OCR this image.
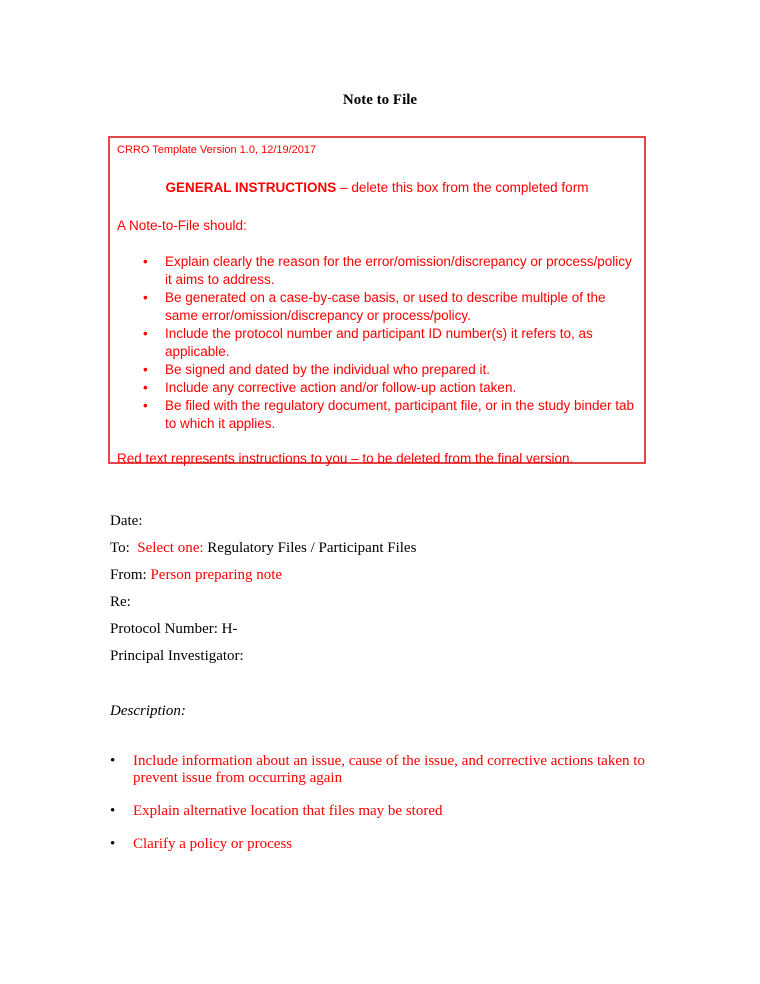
Note to File

CRRO Template Version 1.0, 12/19/2017

GENERAL INSTRUCTIONS – delete this box from the completed form
A Note-to-File should:
• Explain clearly the reason for the error/omission/discrepancy or process/policy it aims to address.
• Be generated on a case-by-case basis, or used to describe multiple of the same error/omission/discrepancy or process/policy.
• Include the protocol number and participant ID number(s) it refers to, as applicable.
• Be signed and dated by the individual who prepared it.
• Include any corrective action and/or follow-up action taken.
• Be filed with the regulatory document, participant file, or in the study binder tab to which it applies.
Red text represents instructions to you – to be deleted from the final version.
Date:
To: Select one: Regulatory Files / Participant Files
From: Person preparing note
Re:
Protocol Number: H-
Principal Investigator:
Description:
• Include information about an issue, cause of the issue, and corrective actions taken to prevent issue from occurring again
• Explain alternative location that files may be stored
• Clarify a policy or process
